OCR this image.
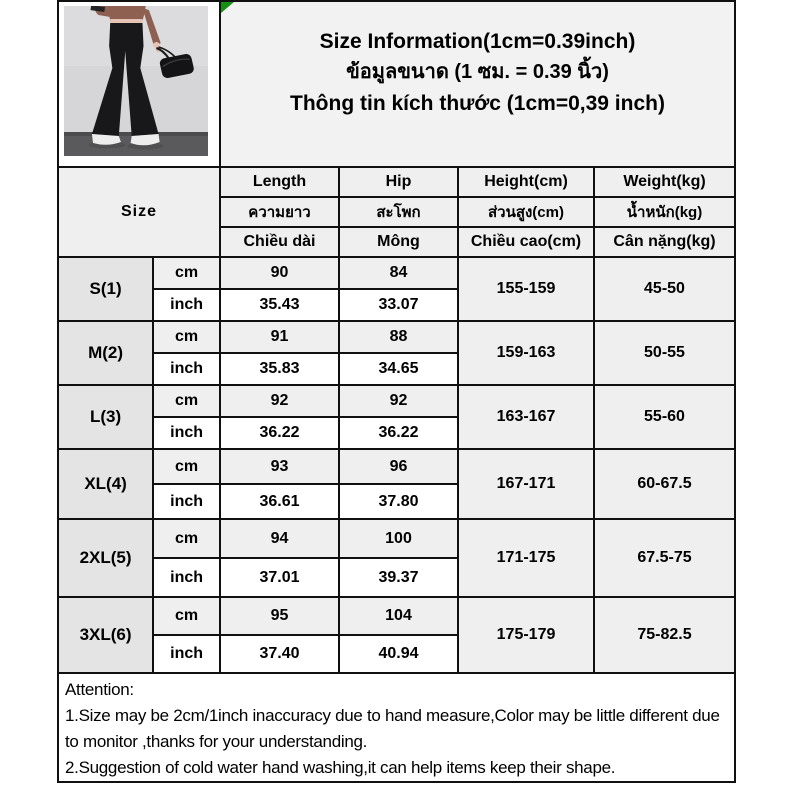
Size Information(1cm=0.39inch)
ข้อมูลขนาด (1 ซม. = 0.39 นิ้ว)
Thông tin kích thước (1cm=0,39 inch)			

Size		Length	Hip	Height(cm)	Weight(kg)
		ความยาว	สะโพก	ส่วนสูง(cm)	น้ำหนัก(kg)
		Chiều dài	Mông	Chiều cao(cm)	Cân nặng(kg)
S(1)	cm	90	84	155-159	45-50
	inch	35.43	33.07		
M(2)	cm	91	88	159-163	50-55
	inch	35.83	34.65		
L(3)	cm	92	92	163-167	55-60
	inch	36.22	36.22		
XL(4)	cm	93	96	167-171	60-67.5
	inch	36.61	37.80		
2XL(5)	cm	94	100	171-175	67.5-75
	inch	37.01	39.37		
3XL(6)	cm	95	104	175-179	75-82.5
	inch	37.40	40.94		

Attention:
1.Size may be 2cm/1inch inaccuracy due to hand measure,Color may be little different due to monitor ,thanks for your understanding.
2.Suggestion of cold water hand washing,it can help items keep their shape.					
